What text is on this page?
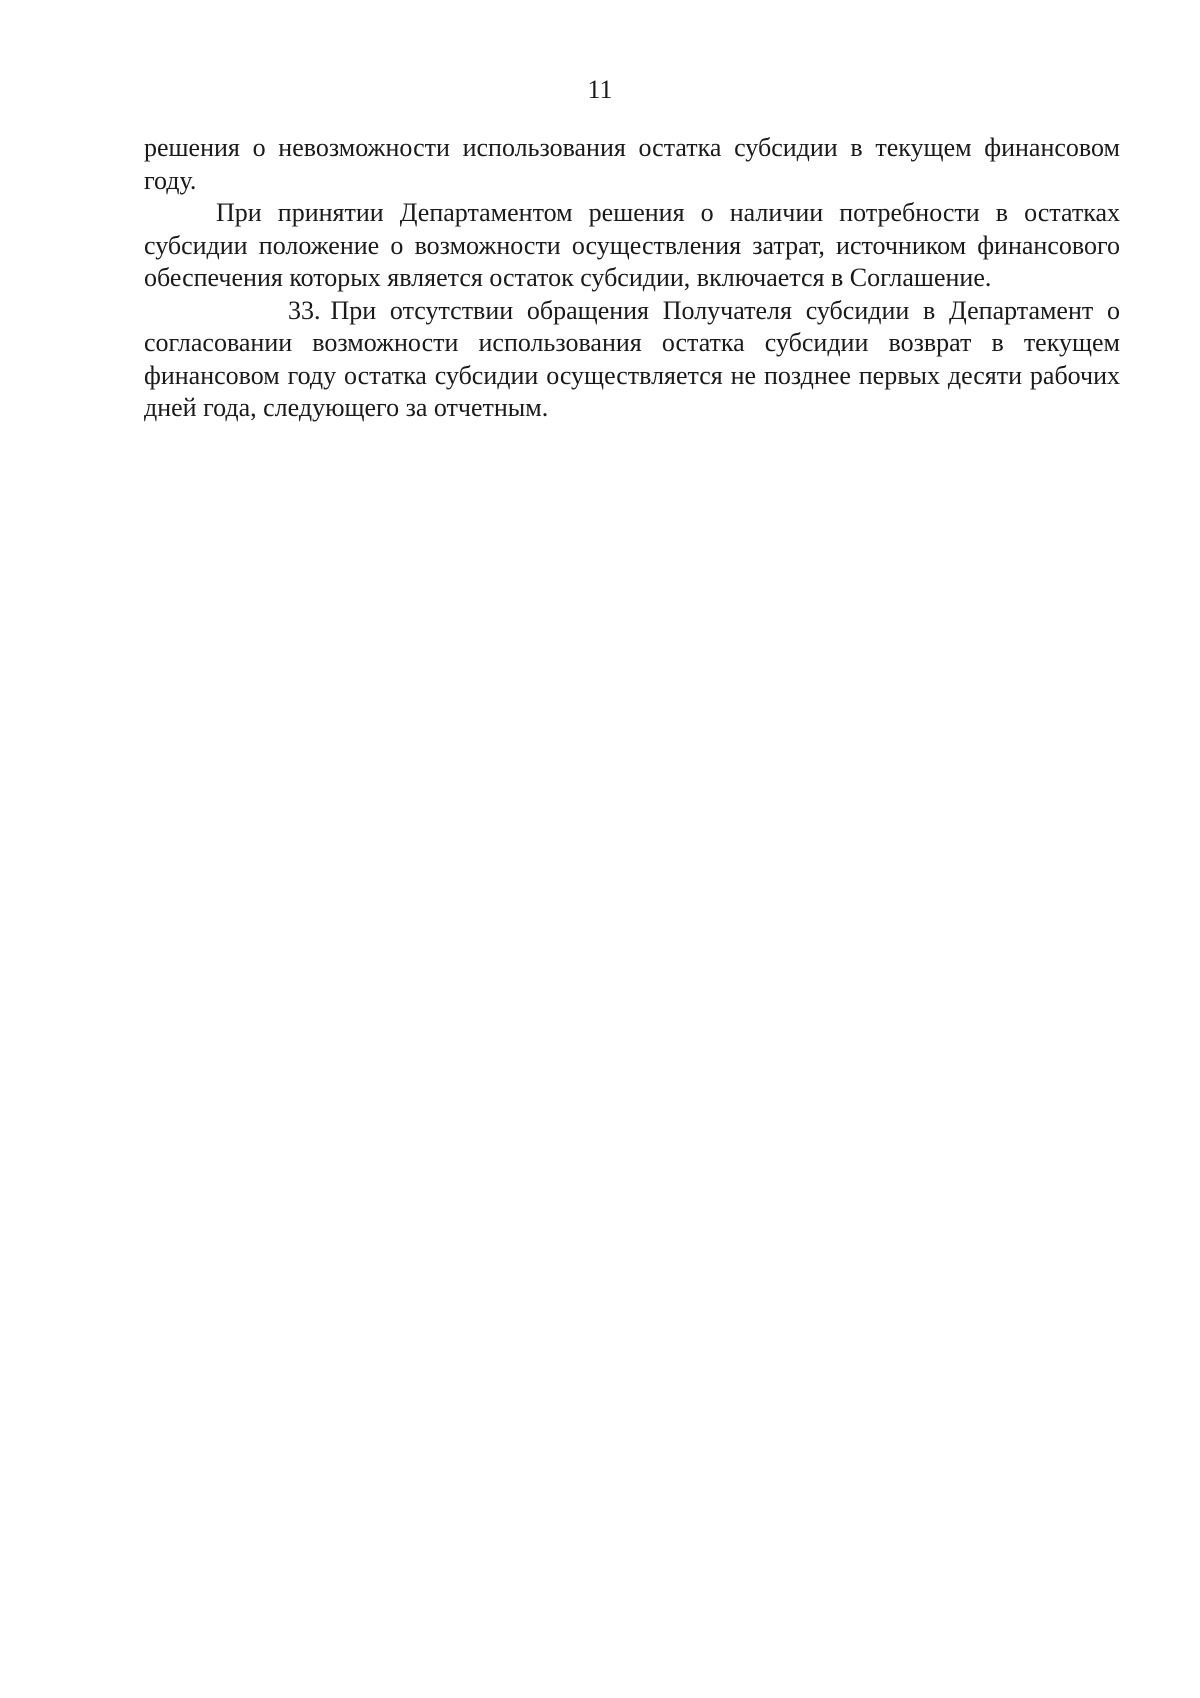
11

решения о невозможности использования остатка субсидии в текущем финансовом году.

При принятии Департаментом решения о наличии потребности в остатках субсидии положение о возможности осуществления затрат, источником финансового обеспечения которых является остаток субсидии, включается в Соглашение.

33. При отсутствии обращения Получателя субсидии в Департамент о согласовании возможности использования остатка субсидии возврат в текущем финансовом году остатка субсидии осуществляется не позднее первых десяти рабочих дней года, следующего за отчетным.
